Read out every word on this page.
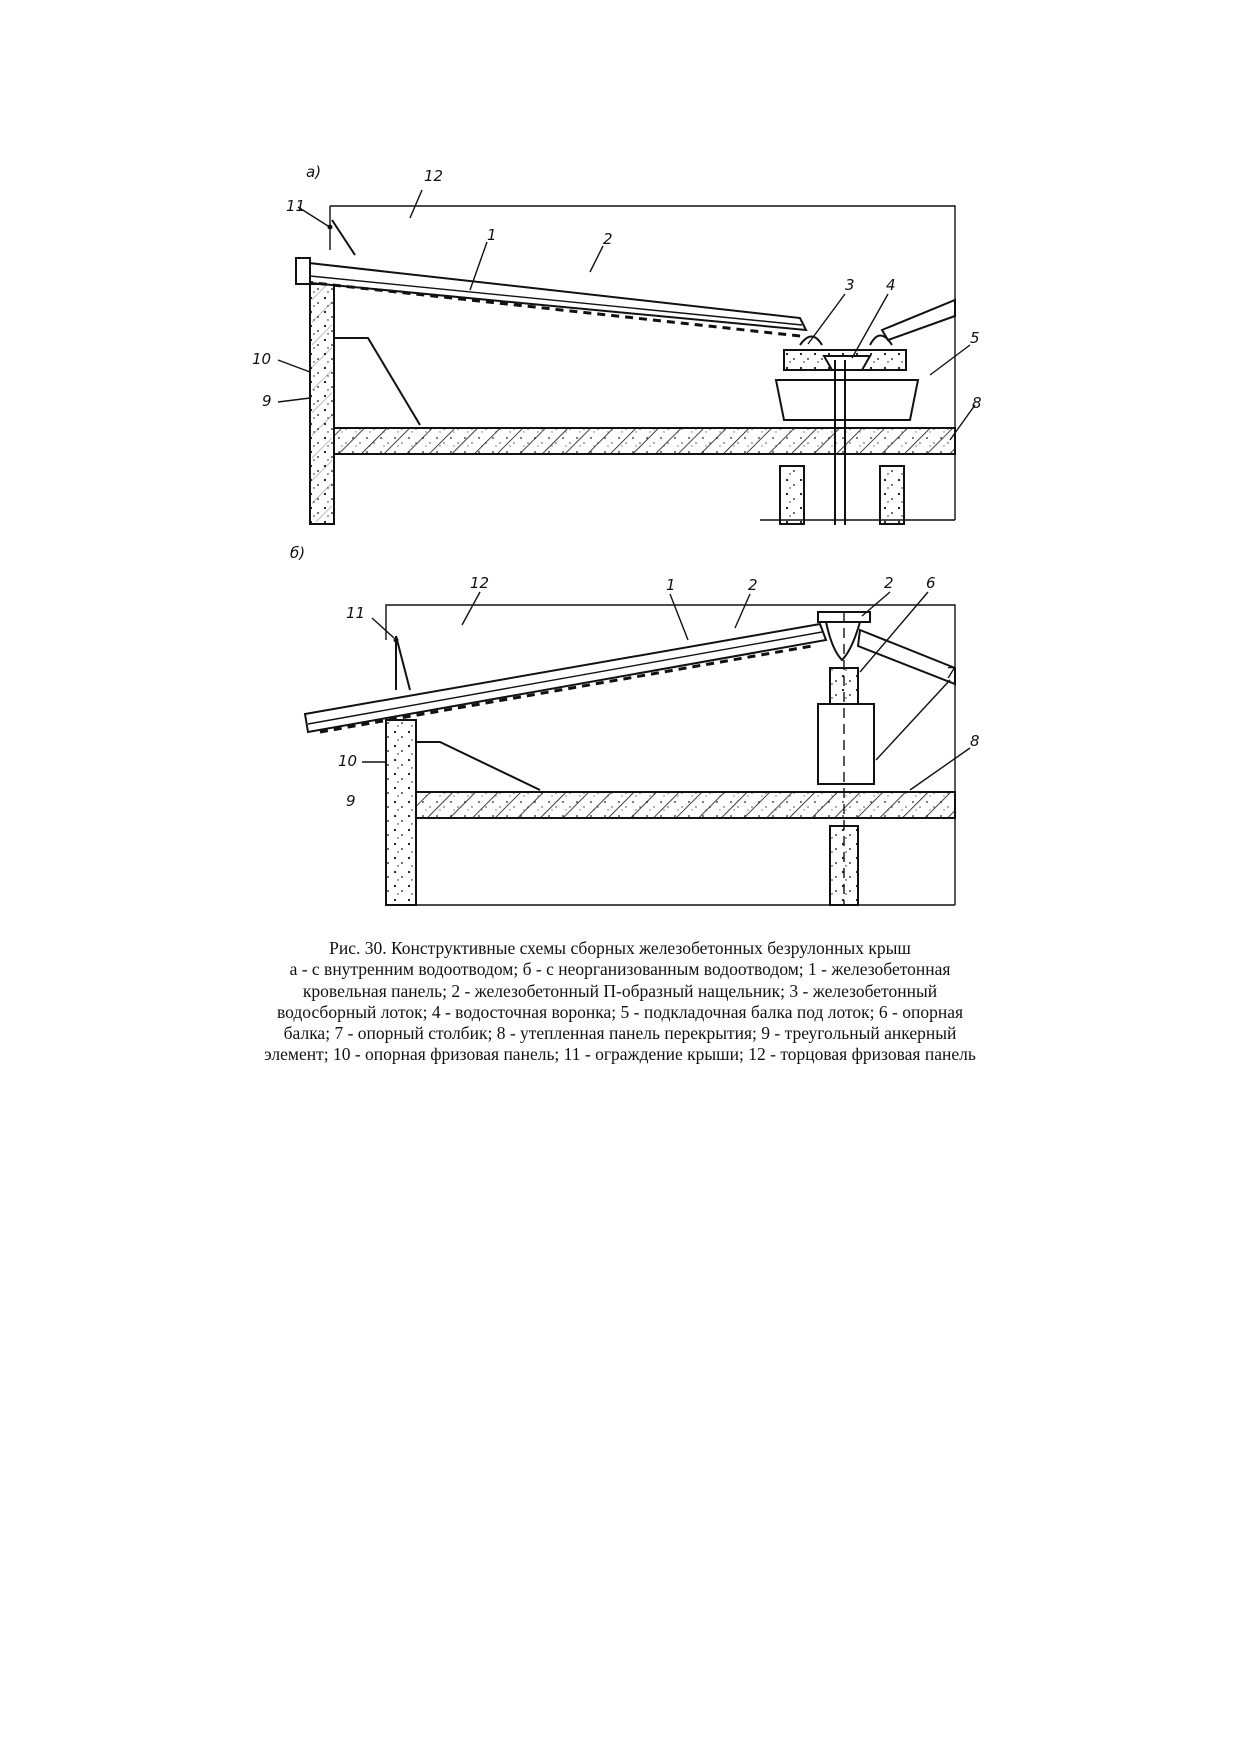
а)
11
12
1	2
3 4
5
10
9	8
б)
11
12	1	2	2 6
7
8
10
9
Рис. 30. Конструктивные схемы сборных железобетонных безрулонных крыш
а - с внутренним водоотводом; б - с неорганизованным водоотводом; 1 - железобетонная
кровельная панель; 2 - железобетонный П-образный нащельник; 3 - железобетонный
водосборный лоток; 4 - водосточная воронка; 5 - подкладочная балка под лоток; 6 - опорная
балка; 7 - опорный столбик; 8 - утепленная панель перекрытия; 9 - треугольный анкерный
элемент; 10 - опорная фризовая панель; 11 - ограждение крыши; 12 - торцовая фризовая панель
